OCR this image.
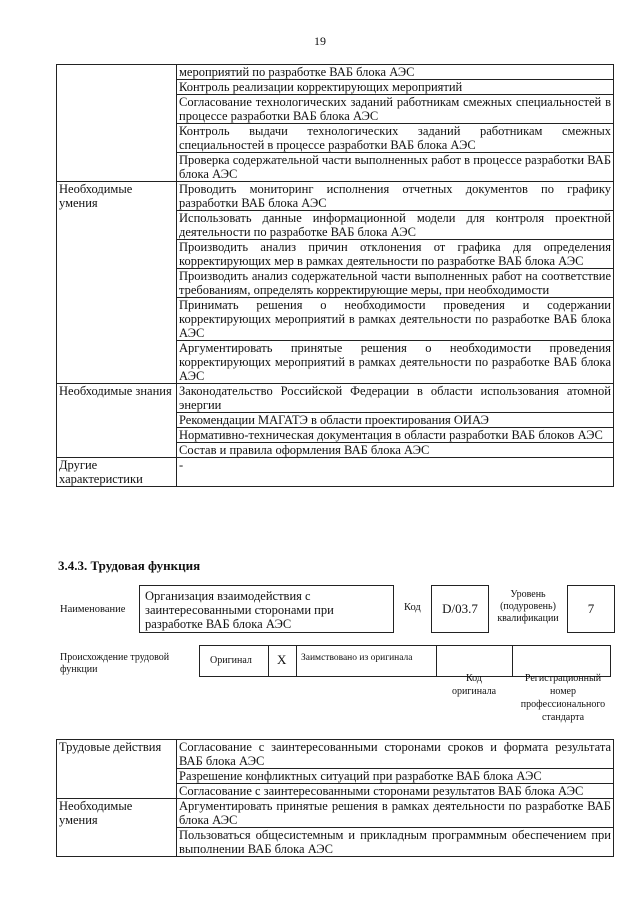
19

	мероприятий по разработке ВАБ блока АЭС

	Контроль реализации корректирующих мероприятий

	Согласование технологических заданий работникам смежных специальностей в процессе разработки ВАБ блока АЭС

	Контроль выдачи технологических заданий работникам смежных специальностей в процессе разработки ВАБ блока АЭС

	Проверка содержательной части выполненных работ в процессе разработки ВАБ блока АЭС

Необходимые умения	Проводить мониторинг исполнения отчетных документов по графику разработки ВАБ блока АЭС

	Использовать данные информационной модели для контроля проектной деятельности по разработке ВАБ блока АЭС

	Производить анализ причин отклонения от графика для определения корректирующих мер в рамках деятельности по разработке ВАБ блока АЭС

	Производить анализ содержательной части выполненных работ на соответствие требованиям, определять корректирующие меры, при необходимости

	Принимать решения о необходимости проведения и содержании корректирующих мероприятий в рамках деятельности по разработке ВАБ блока АЭС

	Аргументировать принятые решения о необходимости проведения корректирующих мероприятий в рамках деятельности по разработке ВАБ блока АЭС

Необходимые знания	Законодательство Российской Федерации в области использования атомной энергии

	Рекомендации МАГАТЭ в области проектирования ОИАЭ

	Нормативно-техническая документация в области разработки ВАБ блоков АЭС

	Состав и правила оформления ВАБ блока АЭС

Другие характеристики	-
3.4.3. Трудовая функция
Наименование
Организация взаимодействия с заинтересованными сторонами при разработке ВАБ блока АЭС
Код	D/03.7
Уровень (подуровень) квалификации
7
Происхождение трудовой функции
Оригинал X Заимствовано из оригинала
Код оригинала
Регистрационный номер профессионального стандарта
Трудовые действия	Согласование с заинтересованными сторонами сроков и формата результата ВАБ блока АЭС

	Разрешение конфликтных ситуаций при разработке ВАБ блока АЭС

	Согласование с заинтересованными сторонами результатов ВАБ блока АЭС

Необходимые умения	Аргументировать принятые решения в рамках деятельности по разработке ВАБ блока АЭС

	Пользоваться общесистемным и прикладным программным обеспечением при выполнении ВАБ блока АЭС
